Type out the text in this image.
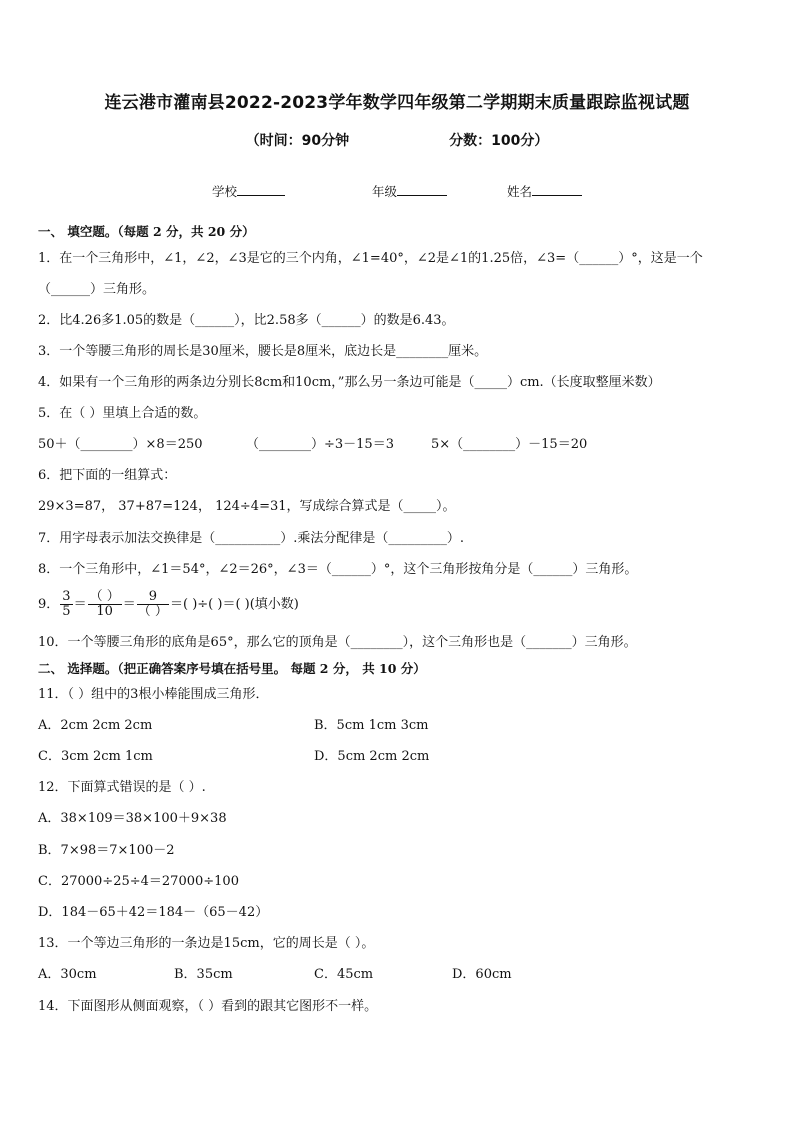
连云港市灌南县2022-2023学年数学四年级第二学期期末质量跟踪监视试题
（时间：90分钟	分数：100分）
学校	年级	姓名
一、 填空题。（每题 2 分，共 20 分）
1．在一个三角形中，∠1，∠2，∠3是它的三个内角，∠1=40°，∠2是∠1的1.25倍，∠3=（______）°，这是一个
（______）三角形。
2．比4.26多1.05的数是（______），比2.58多（______）的数是6.43。
3．一个等腰三角形的周长是30厘米，腰长是8厘米，底边长是________厘米。
4．如果有一个三角形的两条边分别长8cm和10cm，”那么另一条边可能是（_____）cm.（长度取整厘米数）
5．在（ ）里填上合适的数。
50＋（________）×8＝250	（________）÷3－15＝3	5×（________）－15＝20
6．把下面的一组算式：
29×3=87， 37+87=124， 124÷4=31，写成综合算式是（_____）。
7．用字母表示加法交换律是（__________）.乘法分配律是（_________）.
8．一个三角形中，∠1＝54°，∠2＝26°，∠3＝（______）°，这个三角形按角分是（______）三角形。
9． $\frac{3}{5} = \frac{( )}{10} = \frac{9}{( )}$ ＝( )÷( )＝( )(填小数)
10．一个等腰三角形的底角是65°，那么它的顶角是（________），这个三角形也是（_______）三角形。
二、 选择题。（把正确答案序号填在括号里。 每题 2 分， 共 10 分）
11．（ ）组中的3根小棒能围成三角形．
A．2cm 2cm 2cm	B．5cm 1cm 3cm
C．3cm 2cm 1cm	D．5cm 2cm 2cm
12．下面算式错误的是（ ）.
A．38×109＝38×100＋9×38
B．7×98＝7×100－2
C．27000÷25÷4＝27000÷100
D．184－65＋42＝184－（65－42）
13．一个等边三角形的一条边是15cm，它的周长是（ ）。
A．30cm	B．35cm	C．45cm	D．60cm
14．下面图形从侧面观察，（ ）看到的跟其它图形不一样。
